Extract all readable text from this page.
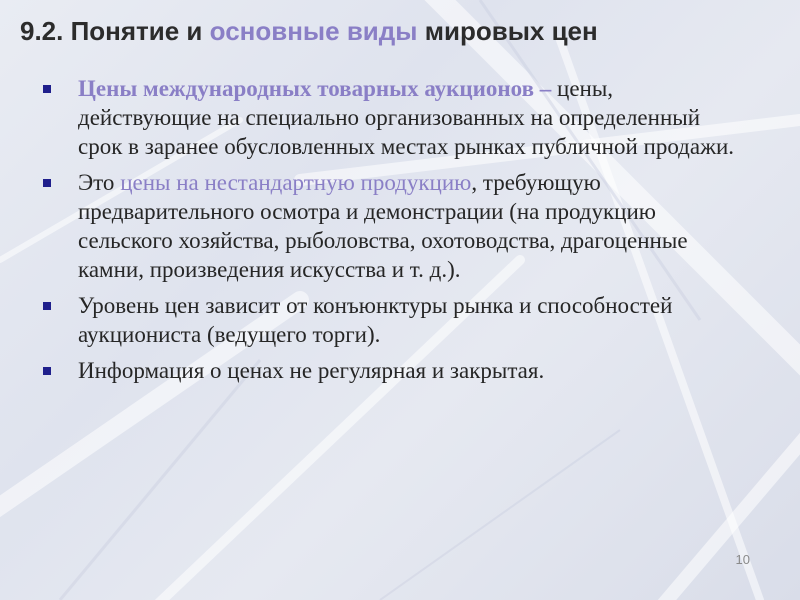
9.2. Понятие и основные виды мировых цен
Цены международных товарных аукционов – цены, действующие на специально организованных на определенный срок в заранее обусловленных местах рынках публичной продажи.
Это цены на нестандартную продукцию, требующую предварительного осмотра и демонстрации (на продукцию сельского хозяйства, рыболовства, охотоводства, драгоценные камни, произведения искусства и т. д.).
Уровень цен зависит от конъюнктуры рынка и способностей аукциониста (ведущего торги).
Информация о ценах не регулярная и закрытая.
10
